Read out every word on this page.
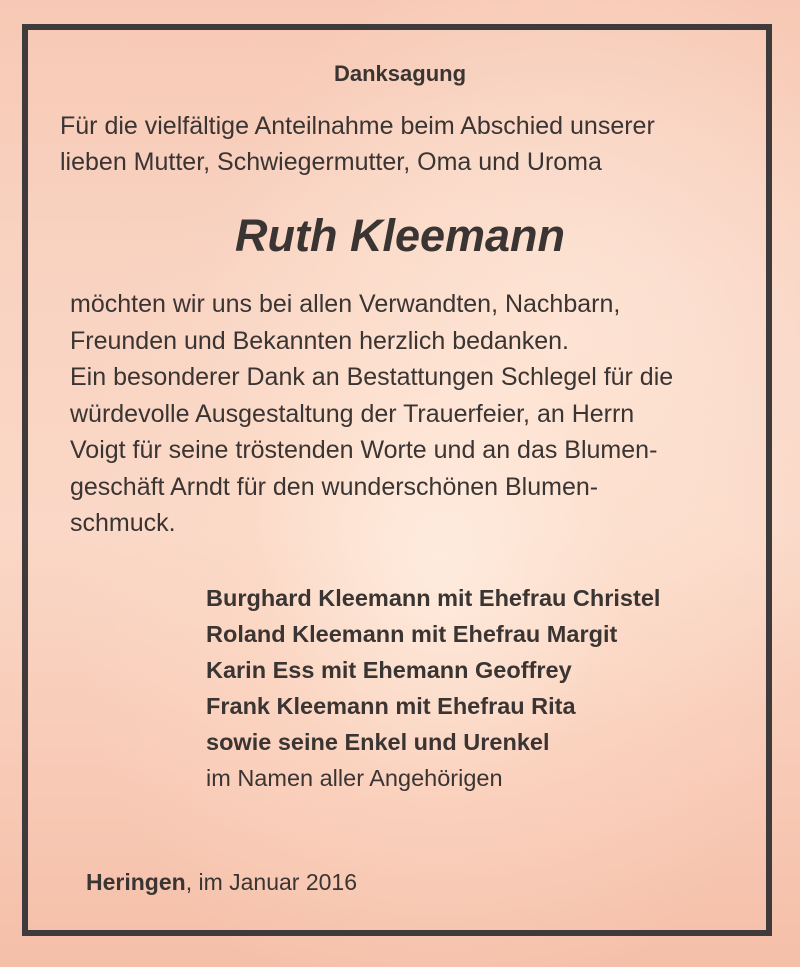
Danksagung
Für die vielfältige Anteilnahme beim Abschied unserer
lieben Mutter, Schwiegermutter, Oma und Uroma
Ruth Kleemann
möchten wir uns bei allen Verwandten, Nachbarn,
Freunden und Bekannten herzlich bedanken.
Ein besonderer Dank an Bestattungen Schlegel für die
würdevolle Ausgestaltung der Trauerfeier, an Herrn
Voigt für seine tröstenden Worte und an das Blumen-
geschäft Arndt für den wunderschönen Blumen-
schmuck.
Burghard Kleemann mit Ehefrau Christel
Roland Kleemann mit Ehefrau Margit
Karin Ess mit Ehemann Geoffrey
Frank Kleemann mit Ehefrau Rita
sowie seine Enkel und Urenkel
im Namen aller Angehörigen
Heringen, im Januar 2016
